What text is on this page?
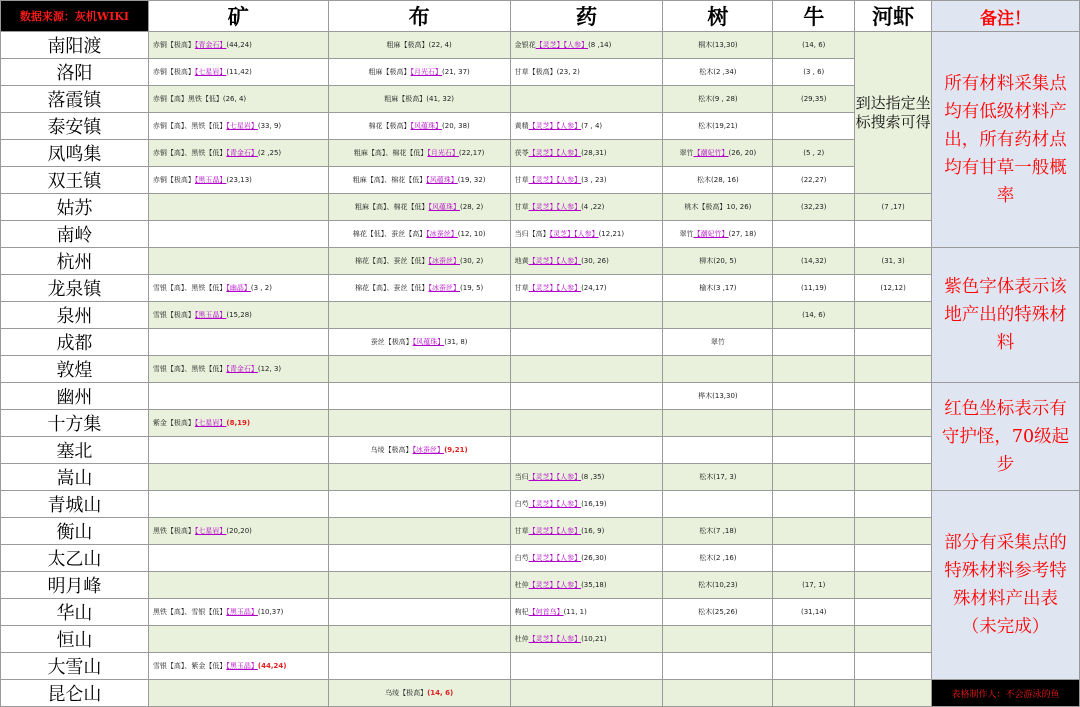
数据来源：灰机WIKI	矿	布	药	树	牛	河虾	备注！
南阳渡	赤铜【极高】【青金石】(44,24)	粗麻【极高】(22, 4)	金银花【灵芝】【人参】(8 ,14)	桐木(13,30)	(14, 6)	到达指定坐标搜索可得	所有材料采集点均有低级材料产出，所有药材点均有甘草一般概率
洛阳	赤铜【极高】【七星岩】(11,42)	粗麻【极高】【月光石】(21, 37)	甘草【极高】(23, 2)	松木(2 ,34)	(3 , 6)		
落霞镇	赤铜【高】黑铁【低】(26, 4)	粗麻【极高】(41, 32)		松木(9 , 28)	(29,35)		
泰安镇	赤铜【高】、黑铁【低】【七星岩】(33, 9)	棉花【极高】【风蕴珠】(20, 38)	黄精【灵芝】【人参】(7 , 4)	松木(19,21)			
凤鸣集	赤铜【高】、黑铁【低】【青金石】(2 ,25)	粗麻【高】、棉花【低】【月光石】(22,17)	茯苓【灵芝】【人参】(28,31)	翠竹【潮妃竹】(26, 20)	(5 , 2)		
双王镇	赤铜【极高】【黑玉晶】(23,13)	粗麻【高】、棉花【低】【风蕴珠】(19, 32)	甘草【灵芝】【人参】(3 , 23)	松木(28, 16)	(22,27)		
姑苏		粗麻【高】、棉花【低】【风蕴珠】(28, 2)	甘草【灵芝】【人参】(4 ,22)	桃木【极高】10, 26)	(32,23)	(7 ,17)	
南岭		棉花【低】、蚕丝【高】【冰蚕丝】(12, 10)	当归【高】【灵芝】【人参】(12,21)	翠竹【潮妃竹】(27, 18)			
杭州		棉花【高】、蚕丝【低】【冰蚕丝】(30, 2)	地黄【灵芝】【人参】(30, 26)	柳木(20, 5)	(14,32)	(31, 3)	紫色字体表示该地产出的特殊材料
龙泉镇	雪银【高】、黑铁【低】【幽晶】(3 , 2)	棉花【高】、蚕丝【低】【冰蚕丝】(19, 5)	甘草【灵芝】【人参】(24,17)	榆木(3 ,17)	(11,19)	(12,12)	
泉州	雪银【极高】【黑玉晶】(15,28)				(14, 6)		
成都		蚕丝【极高】【风蕴珠】(31, 8)		翠竹			
敦煌	雪银【高】、黑铁【低】【青金石】(12, 3)						
幽州				桦木(13,30)			红色坐标表示有守护怪，70级起步
十方集	紫金【极高】【七星岩】(8,19)						
塞北		乌绫【极高】【冰蚕丝】(9,21)					
嵩山			当归【灵芝】【人参】(8 ,35)	松木(17, 3)			
青城山			白芍【灵芝】【人参】(16,19)				部分有采集点的特殊材料参考特殊材料产出表（未完成）
衡山	黑铁【极高】【七星岩】(20,20)		甘草【灵芝】【人参】(16, 9)	松木(7 ,18)			
太乙山			白芍【灵芝】【人参】(26,30)	松木(2 ,16)			
明月峰			杜仲【灵芝】【人参】(35,18)	松木(10,23)	(17, 1)		
华山	黑铁【高】、雪银【低】【黑玉晶】(10,37)		枸杞【何首乌】(11, 1)	松木(25,26)	(31,14)		
恒山			杜仲【灵芝】【人参】(10,21)				
大雪山	雪银【高】、紫金【低】【黑玉晶】(44,24)						
昆仑山		乌绫【极高】(14, 6)					表格制作人：不会游泳的鱼
